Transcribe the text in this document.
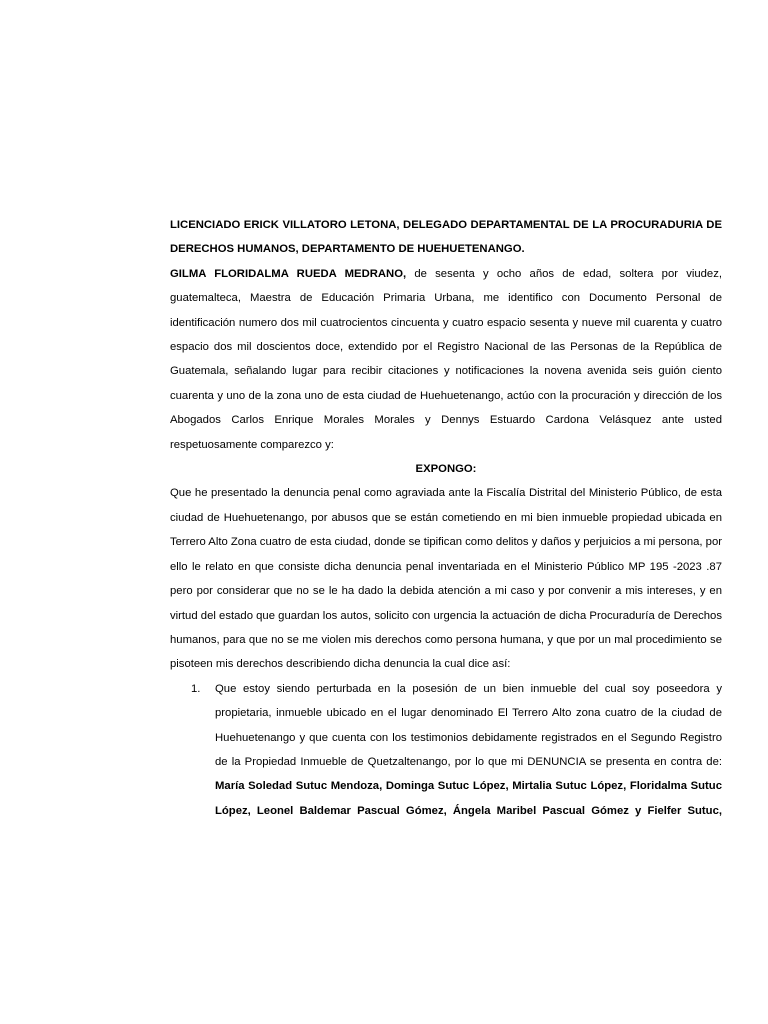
LICENCIADO ERICK VILLATORO LETONA, DELEGADO DEPARTAMENTAL DE LA PROCURADURIA DE DERECHOS HUMANOS, DEPARTAMENTO DE HUEHUETENANGO.

GILMA FLORIDALMA RUEDA MEDRANO, de sesenta y ocho años de edad, soltera por viudez, guatemalteca, Maestra de Educación Primaria Urbana, me identifico con Documento Personal de identificación numero dos mil cuatrocientos cincuenta y cuatro espacio sesenta y nueve mil cuarenta y cuatro espacio dos mil doscientos doce, extendido por el Registro Nacional de las Personas de la República de Guatemala, señalando lugar para recibir citaciones y notificaciones la novena avenida seis guión ciento cuarenta y uno de la zona uno de esta ciudad de Huehuetenango, actúo con la procuración y dirección de los Abogados Carlos Enrique Morales Morales y Dennys Estuardo Cardona Velásquez ante usted respetuosamente comparezco y:

EXPONGO:

Que he presentado la denuncia penal como agraviada ante la Fiscalía Distrital del Ministerio Público, de esta ciudad de Huehuetenango, por abusos que se están cometiendo en mi bien inmueble propiedad ubicada en Terrero Alto Zona cuatro de esta ciudad, donde se tipifican como delitos y daños y perjuicios a mi persona, por ello le relato en que consiste dicha denuncia penal inventariada en el Ministerio Público MP 195 -2023 .87 pero por considerar que no se le ha dado la debida atención a mi caso y por convenir a mis intereses, y en virtud del estado que guardan los autos, solicito con urgencia la actuación de dicha Procuraduría de Derechos humanos, para que no se me violen mis derechos como persona humana, y que por un mal procedimiento se pisoteen mis derechos describiendo dicha denuncia la cual dice así:

1. Que estoy siendo perturbada en la posesión de un bien inmueble del cual soy poseedora y propietaria, inmueble ubicado en el lugar denominado El Terrero Alto zona cuatro de la ciudad de Huehuetenango y que cuenta con los testimonios debidamente registrados en el Segundo Registro de la Propiedad Inmueble de Quetzaltenango, por lo que mi DENUNCIA se presenta en contra de: María Soledad Sutuc Mendoza, Dominga Sutuc López, Mirtalia Sutuc López, Floridalma Sutuc López, Leonel Baldemar Pascual Gómez, Ángela Maribel Pascual Gómez y Fielfer Sutuc,
